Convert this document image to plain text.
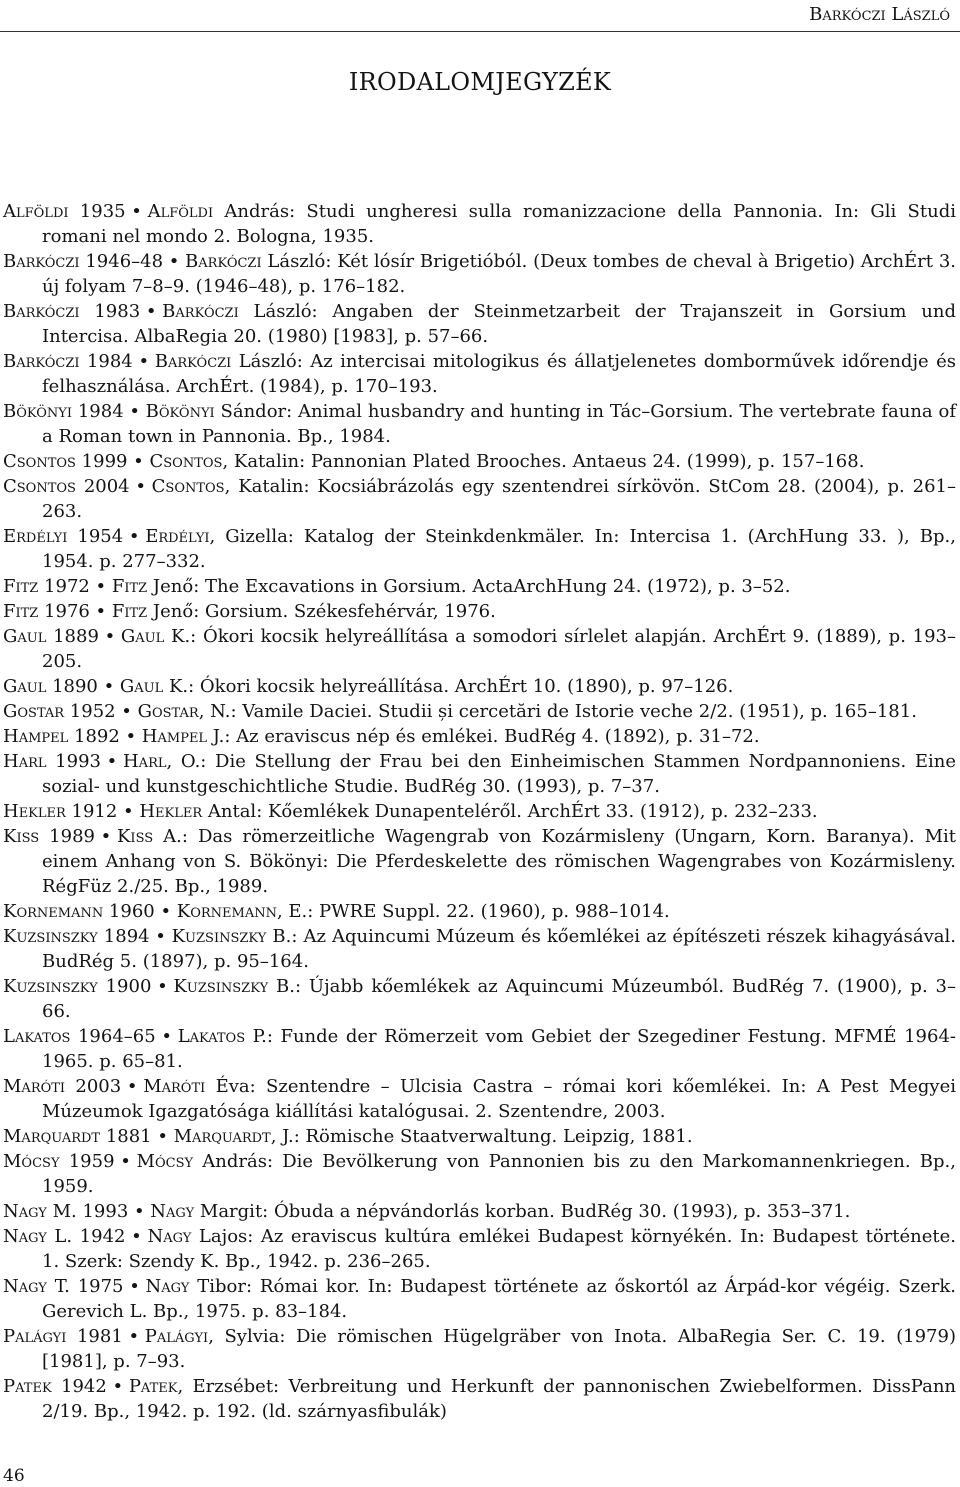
Barkóczi László
IRODALOMJEGYZÉK
Alföldi 1935 • Alföldi András: Studi ungheresi sulla romanizzacione della Pannonia. In: Gli Studi romani nel mondo 2. Bologna, 1935.
Barkóczi 1946–48 • Barkóczi László: Két lósír Brigetióból. (Deux tombes de cheval à Brigetio) ArchÉrt 3. új folyam 7–8–9. (1946–48), p. 176–182.
Barkóczi 1983 • Barkóczi László: Angaben der Steinmetzarbeit der Trajanszeit in Gorsium und Intercisa. AlbaRegia 20. (1980) [1983], p. 57–66.
Barkóczi 1984 • Barkóczi László: Az intercisai mitologikus és állatjelenetes domborművek időrendje és felhasználása. ArchÉrt. (1984), p. 170–193.
Bökönyi 1984 • Bökönyi Sándor: Animal husbandry and hunting in Tác–Gorsium. The vertebrate fauna of a Roman town in Pannonia. Bp., 1984.
Csontos 1999 • Csontos, Katalin: Pannonian Plated Brooches. Antaeus 24. (1999), p. 157–168.
Csontos 2004 • Csontos, Katalin: Kocsiábrázolás egy szentendrei sírkövön. StCom 28. (2004), p. 261–263.
Erdélyi 1954 • Erdélyi, Gizella: Katalog der Steinkdenkmäler. In: Intercisa 1. (ArchHung 33. ), Bp., 1954. p. 277–332.
Fitz 1972 • Fitz Jenő: The Excavations in Gorsium. ActaArchHung 24. (1972), p. 3–52.
Fitz 1976 • Fitz Jenő: Gorsium. Székesfehérvár, 1976.
Gaul 1889 • Gaul K.: Ókori kocsik helyreállítása a somodori sírlelet alapján. ArchÉrt 9. (1889), p. 193–205.
Gaul 1890 • Gaul K.: Ókori kocsik helyreállítása. ArchÉrt 10. (1890), p. 97–126.
Gostar 1952 • Gostar, N.: Vamile Daciei. Studii și cercetări de Istorie veche 2/2. (1951), p. 165–181.
Hampel 1892 • Hampel J.: Az eraviscus nép és emlékei. BudRég 4. (1892), p. 31–72.
Harl 1993 • Harl, O.: Die Stellung der Frau bei den Einheimischen Stammen Nordpannoniens. Eine sozial- und kunstgeschichtliche Studie. BudRég 30. (1993), p. 7–37.
Hekler 1912 • Hekler Antal: Kőemlékek Dunapenteléről. ArchÉrt 33. (1912), p. 232–233.
Kiss 1989 • Kiss A.: Das römerzeitliche Wagengrab von Kozármisleny (Ungarn, Korn. Baranya). Mit einem Anhang von S. Bökönyi: Die Pferdeskelette des römischen Wagengrabes von Kozármisleny. RégFüz 2./25. Bp., 1989.
Kornemann 1960 • Kornemann, E.: PWRE Suppl. 22. (1960), p. 988–1014.
Kuzsinszky 1894 • Kuzsinszky B.: Az Aquincumi Múzeum és kőemlékei az építészeti részek kihagyásával. BudRég 5. (1897), p. 95–164.
Kuzsinszky 1900 • Kuzsinszky B.: Újabb kőemlékek az Aquincumi Múzeumból. BudRég 7. (1900), p. 3–66.
Lakatos 1964–65 • Lakatos P.: Funde der Römerzeit vom Gebiet der Szegediner Festung. MFMÉ 1964-1965. p. 65–81.
Maróti 2003 • Maróti Éva: Szentendre – Ulcisia Castra – római kori kőemlékei. In: A Pest Megyei Múzeumok Igazgatósága kiállítási katalógusai. 2. Szentendre, 2003.
Marquardt 1881 • Marquardt, J.: Römische Staatverwaltung. Leipzig, 1881.
Mócsy 1959 • Mócsy András: Die Bevölkerung von Pannonien bis zu den Markomannenkriegen. Bp., 1959.
Nagy M. 1993 • Nagy Margit: Óbuda a népvándorlás korban. BudRég 30. (1993), p. 353–371.
Nagy L. 1942 • Nagy Lajos: Az eraviscus kultúra emlékei Budapest környékén. In: Budapest története. 1. Szerk: Szendy K. Bp., 1942. p. 236–265.
Nagy T. 1975 • Nagy Tibor: Római kor. In: Budapest története az őskortól az Árpád-kor végéig. Szerk. Gerevich L. Bp., 1975. p. 83–184.
Palágyi 1981 • Palágyi, Sylvia: Die römischen Hügelgräber von Inota. AlbaRegia Ser. C. 19. (1979) [1981], p. 7–93.
Patek 1942 • Patek, Erzsébet: Verbreitung und Herkunft der pannonischen Zwiebelformen. DissPann 2/19. Bp., 1942. p. 192. (ld. szárnyasfibulák)
46
